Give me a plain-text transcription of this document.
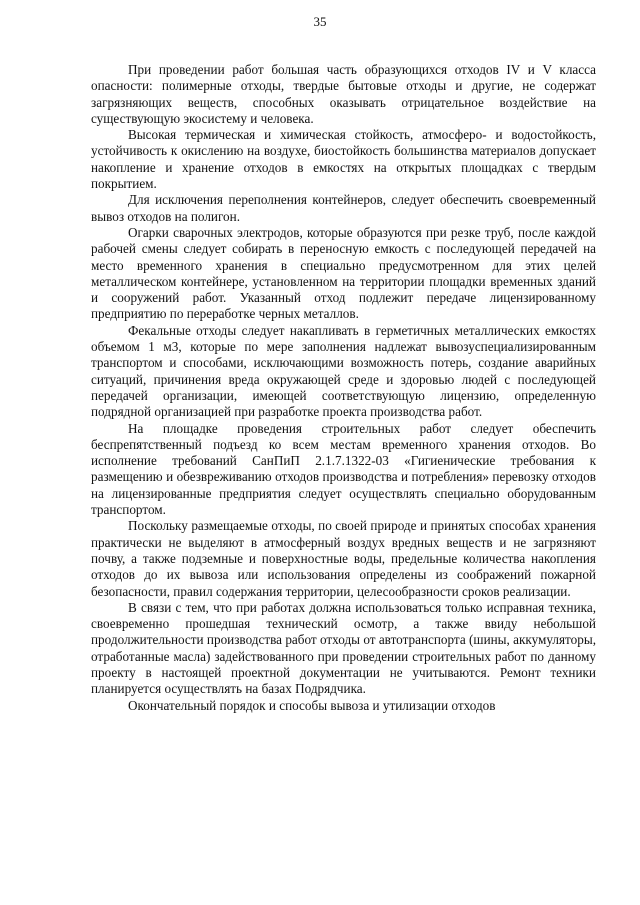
35

При проведении работ большая часть образующихся отходов IV и V класса опасности: полимерные отходы, твердые бытовые отходы и другие, не содержат загрязняющих веществ, способных оказывать отрицательное воздействие на существующую экосистему и человека.

Высокая термическая и химическая стойкость, атмосферо- и водостойкость, устойчивость к окислению на воздухе, биостойкость большинства материалов допускает накопление и хранение отходов в емкостях на открытых площадках с твердым покрытием.

Для исключения переполнения контейнеров, следует обеспечить своевременный вывоз отходов на полигон.

Огарки сварочных электродов, которые образуются при резке труб, после каждой рабочей смены следует собирать в переносную емкость с последующей передачей на место временного хранения в специально предусмотренном для этих целей металлическом контейнере, установленном на территории площадки временных зданий и сооружений работ. Указанный отход подлежит передаче лицензированному предприятию по переработке черных металлов.

Фекальные отходы следует накапливать в герметичных металлических емкостях объемом 1 м3, которые по мере заполнения надлежат вывозуспециализированным транспортом и способами, исключающими возможность потерь, создание аварийных ситуаций, причинения вреда окружающей среде и здоровью людей с последующей передачей организации, имеющей соответствующую лицензию, определенную подрядной организацией при разработке проекта производства работ.

На площадке проведения строительных работ следует обеспечить беспрепятственный подъезд ко всем местам временного хранения отходов. Во исполнение требований СанПиП 2.1.7.1322-03 «Гигиенические требования к размещению и обезвреживанию отходов производства и потребления» перевозку отходов на лицензированные предприятия следует осуществлять специально оборудованным транспортом.

Поскольку размещаемые отходы, по своей природе и принятых способах хранения практически не выделяют в атмосферный воздух вредных веществ и не загрязняют почву, а также подземные и поверхностные воды, предельные количества накопления отходов до их вывоза или использования определены из соображений пожарной безопасности, правил содержания территории, целесообразности сроков реализации.

В связи с тем, что при работах должна использоваться только исправная техника, своевременно прошедшая технический осмотр, а также ввиду небольшой продолжительности производства работ отходы от автотранспорта (шины, аккумуляторы, отработанные масла) задействованного при проведении строительных работ по данному проекту в настоящей проектной документации не учитываются. Ремонт техники планируется осуществлять на базах Подрядчика.

Окончательный порядок и способы вывоза и утилизации отходов
